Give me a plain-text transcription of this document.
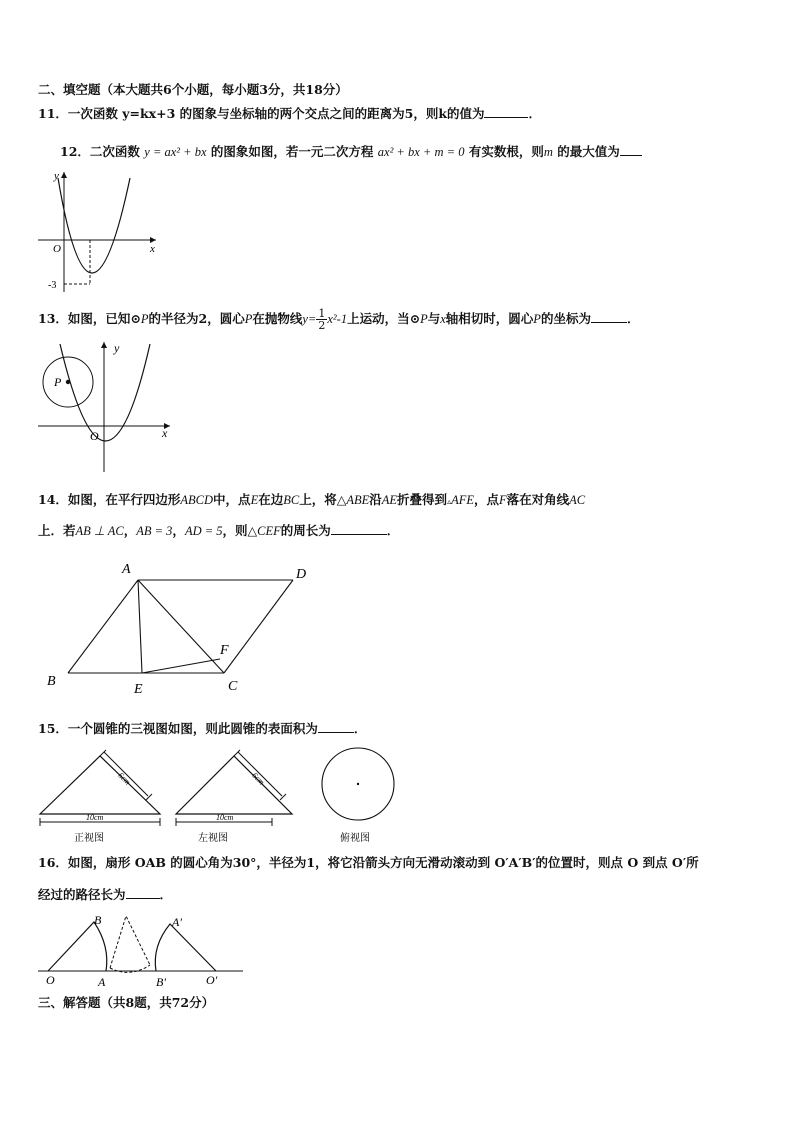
二、填空题（本大题共6个小题，每小题3分，共18分）
11．一次函数 y=kx+3 的图象与坐标轴的两个交点之间的距离为5，则k的值为	．
12．二次函数 y = ax² + bx 的图象如图，若一元二次方程 ax² + bx + m = 0 有实数根，则m 的最大值为
y
x
O
-3
13．如图，已知⊙P的半径为2，圆心P在抛物线$y= \frac{1}{2} x^2-1$上运动，当⊙P与x轴相切时，圆心P的坐标为	．
P
y
x
O
14．如图，在平行四边形ABCD中，点E在边BC上，将△ABE沿AE折叠得到▵AFE，点F落在对角线AC
上．若AB ⊥ AC，AB = 3，AD = 5，则△CEF的周长为	．
A	D
B
E	C
F
15．一个圆锥的三视图如图，则此圆锥的表面积为	．
6cm
10cm
正视图
6cm
10cm
左视图	俯视图
16．如图，扇形 OAB 的圆心角为30°，半径为1，将它沿箭头方向无滑动滚动到 O′A′B′的位置时，则点 O 到点 O′所
经过的路径长为	．
B	A′
O	A	B′	O′
三、解答题（共8题，共72分）
